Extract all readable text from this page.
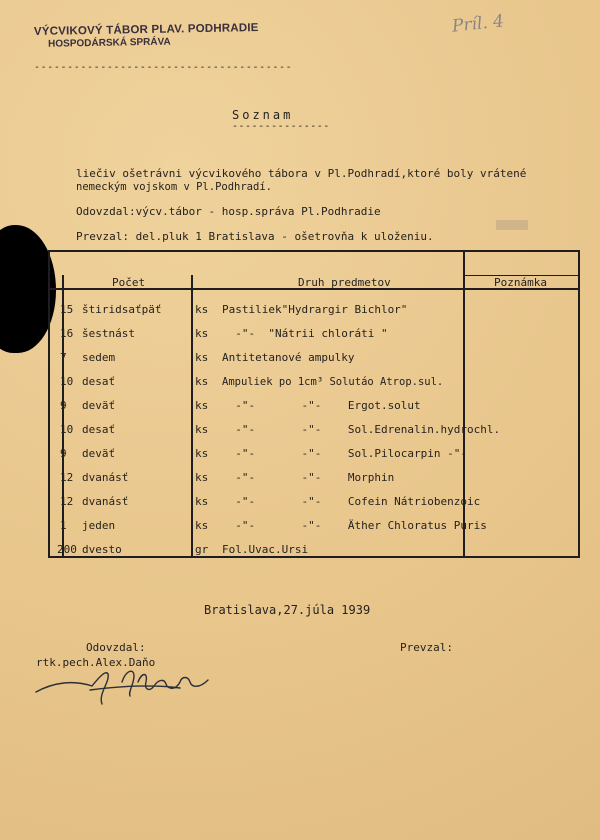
VÝCVIKOVÝ TÁBOR PLAV. PODHRADIE
HOSPODÁRSKÁ SPRÁVA
Príl. 4
---------------------------------------
Soznam
---------------
liečiv ošetrávni výcvikového tábora v Pl.Podhradí,ktoré boly vrátené
nemeckým vojskom v Pl.Podhradí.
Odovzdal:výcv.tábor - hosp.správa Pl.Podhradie
Prevzal: del.pluk 1 Bratislava - ošetrovňa k uloženiu.
Počet	Druh predmetov	Poznámka
15 štiridsaťpäť	ks Pastiliek"Hydrargir Bichlor"
16 šestnást	ks -"-  "Nátrii chloráti "
7 sedem	ks Antitetanové ampulky
10 desať	ks Ampuliek po 1cm³ Solutáo Atrop.sul.
9 deväť	ks -"-       -"-    Ergot.solut
10 desať	ks -"-       -"-    Sol.Edrenalin.hydrochl.
9 deväť	ks -"-       -"-    Sol.Pilocarpin -"-
12 dvanásť	ks -"-       -"-    Morphin
12 dvanásť	ks -"-       -"-    Cofein Nátriobenzoic
1 jeden	ks -"-       -"-    Äther Chloratus Puris
200 dvesto	gr Fol.Uvac.Ursi
Bratislava,27.júla 1939
Odovzdal:
rtk.pech.Alex.Daňo
Prevzal:
